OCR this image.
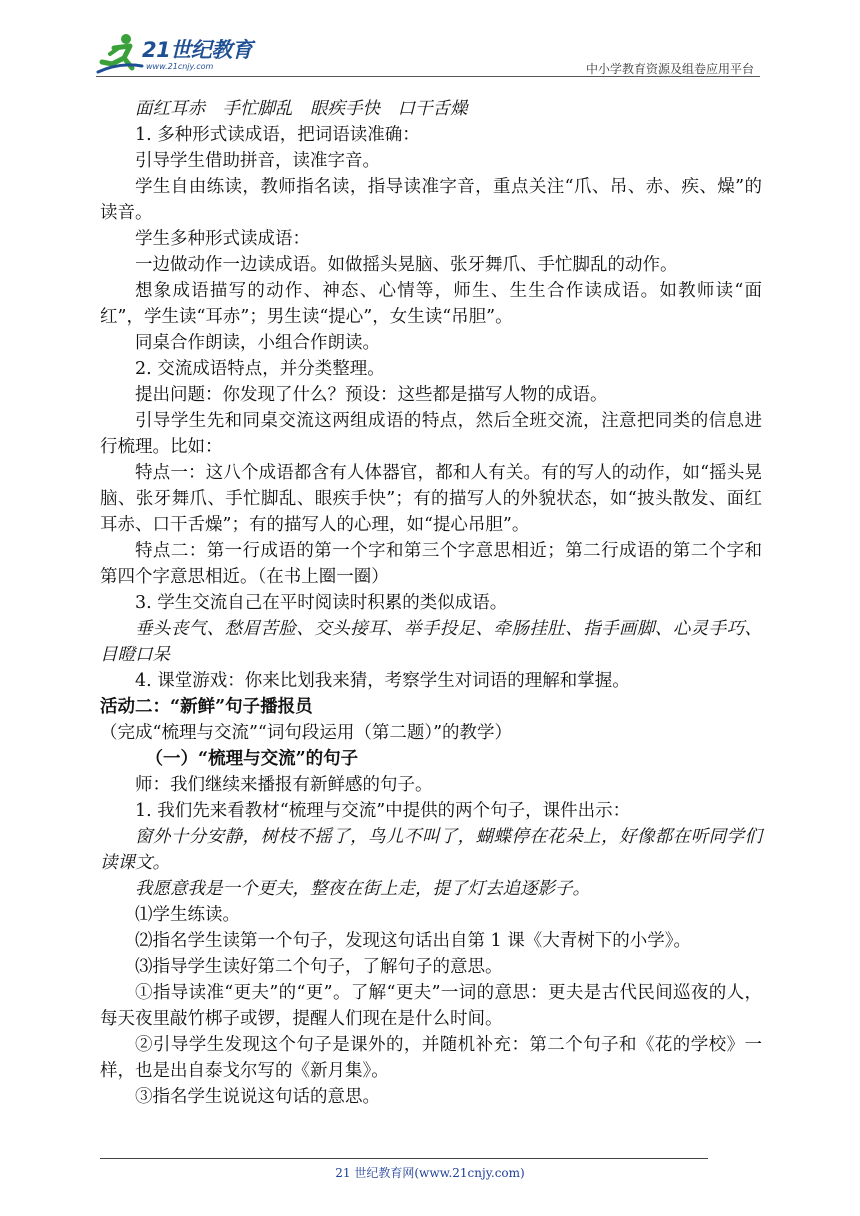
21世纪教育
www.21cnjy.com	中小学教育资源及组卷应用平台

面红耳赤　手忙脚乱　眼疾手快　口干舌燥

1. 多种形式读成语，把词语读准确：

引导学生借助拼音，读准字音。

学生自由练读，教师指名读，指导读准字音，重点关注“爪、吊、赤、疾、燥”的读音。

学生多种形式读成语：

一边做动作一边读成语。如做摇头晃脑、张牙舞爪、手忙脚乱的动作。

想象成语描写的动作、神态、心情等，师生、生生合作读成语。如教师读“面红”，学生读“耳赤”；男生读“提心”，女生读“吊胆”。

同桌合作朗读，小组合作朗读。

2. 交流成语特点，并分类整理。

提出问题：你发现了什么？预设：这些都是描写人物的成语。

引导学生先和同桌交流这两组成语的特点，然后全班交流，注意把同类的信息进行梳理。比如：

特点一：这八个成语都含有人体器官，都和人有关。有的写人的动作，如“摇头晃脑、张牙舞爪、手忙脚乱、眼疾手快”；有的描写人的外貌状态，如“披头散发、面红耳赤、口干舌燥”；有的描写人的心理，如“提心吊胆”。

特点二：第一行成语的第一个字和第三个字意思相近；第二行成语的第二个字和第四个字意思相近。（在书上圈一圈）

3. 学生交流自己在平时阅读时积累的类似成语。

垂头丧气、愁眉苦脸、交头接耳、举手投足、牵肠挂肚、指手画脚、心灵手巧、目瞪口呆

4. 课堂游戏：你来比划我来猜，考察学生对词语的理解和掌握。

活动二：“新鲜”句子播报员

（完成“梳理与交流”“词句段运用（第二题）”的教学）

（一）“梳理与交流”的句子

师：我们继续来播报有新鲜感的句子。

1. 我们先来看教材“梳理与交流”中提供的两个句子，课件出示：

窗外十分安静，树枝不摇了，鸟儿不叫了，蝴蝶停在花朵上，好像都在听同学们读课文。

我愿意我是一个更夫，整夜在街上走，提了灯去追逐影子。

⑴学生练读。

⑵指名学生读第一个句子，发现这句话出自第 1 课《大青树下的小学》。

⑶指导学生读好第二个句子，了解句子的意思。

①指导读准“更夫”的“更”。了解“更夫”一词的意思：更夫是古代民间巡夜的人，每天夜里敲竹梆子或锣，提醒人们现在是什么时间。

②引导学生发现这个句子是课外的，并随机补充：第二个句子和《花的学校》一样，也是出自泰戈尔写的《新月集》。

③指名学生说说这句话的意思。

21 世纪教育网(www.21cnjy.com)
